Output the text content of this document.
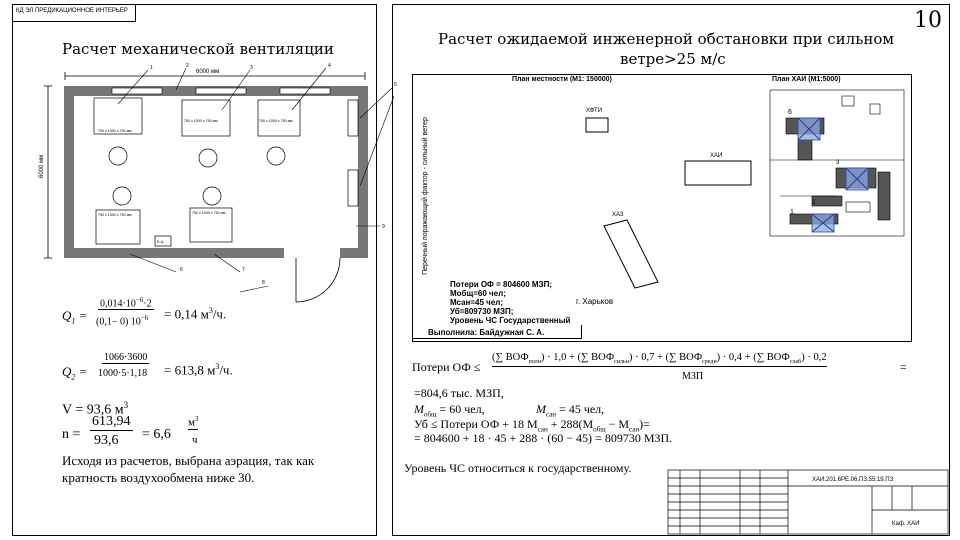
КД ЭЛ ПРЕДИКАЦИОННОЕ ИНТЕРЬЕР
Расчет механической вентиляции
6000 мм
6000 мм
1	2	3	4
5
6	7
8
9
750 х 1000 х 750 мм
750 х 1000 х 750 мм	750 х 1000 х 750 мм
750 х 1000 х 750 мм	750 х 1000 х 750 мм
Б.А.
$Q_1$ =
$0,014\cdot 10^{-6}\cdot 2$
(0,1− 0) $10^{-6} = 0,14$ $м^3/ч$.
$Q_2$ =
1066·3600
1000·5·1,18 = 613,8 $м^3/ч$.
V = 93,6 $м^3$
n =
613,94
93,6 = 6,6
$м^3$
ч
Исходя из расчетов, выбрана аэрация, так как
кратность воздухообмена ниже 30.
10
Расчет ожидаемой инженерной обстановки при сильном
ветре>25 м/с
Перечный поражающий фактор - сильный ветер
План местности (М1: 150000)	План ХАИ (М1:5000)
ХФТИ
ХАИ
ХАЗ
6
1.
2
3
Потери ОФ = 804600 МЗП;
Мобщ=60 чел;
Мсан=45 чел;
Уб=809730 МЗП;
Уровень ЧС Государственный
г. Харьков
Выполнила: Байдужная С. А.
Потери ОФ ≤
(∑ $ВОФ_{полн}) \cdot 1,0$ + (∑ $ВОФ_{сильн}) \cdot 0,7$ + (∑ $ВОФ_{средн}) \cdot 0,4$ + (∑ $ВОФ_{слаб}) \cdot 0,2$
МЗП
=
=804,6 тыс. МЗП,
$M_{общ} = 60$ чел,	$M_{сан} = 45$ чел,
Уб ≤ Потери ОФ + 18 $M_{сан} + 288(M_{общ} - M_{сан})=$
= 804600 + 18 · 45 + 288 · (60 − 45) = 809730 МЗП.
Уровень ЧС относиться к государственному.
ХАИ.201.6РЕ.06.ПЗ.55.19.ПЗ
Каф. ХАИ
